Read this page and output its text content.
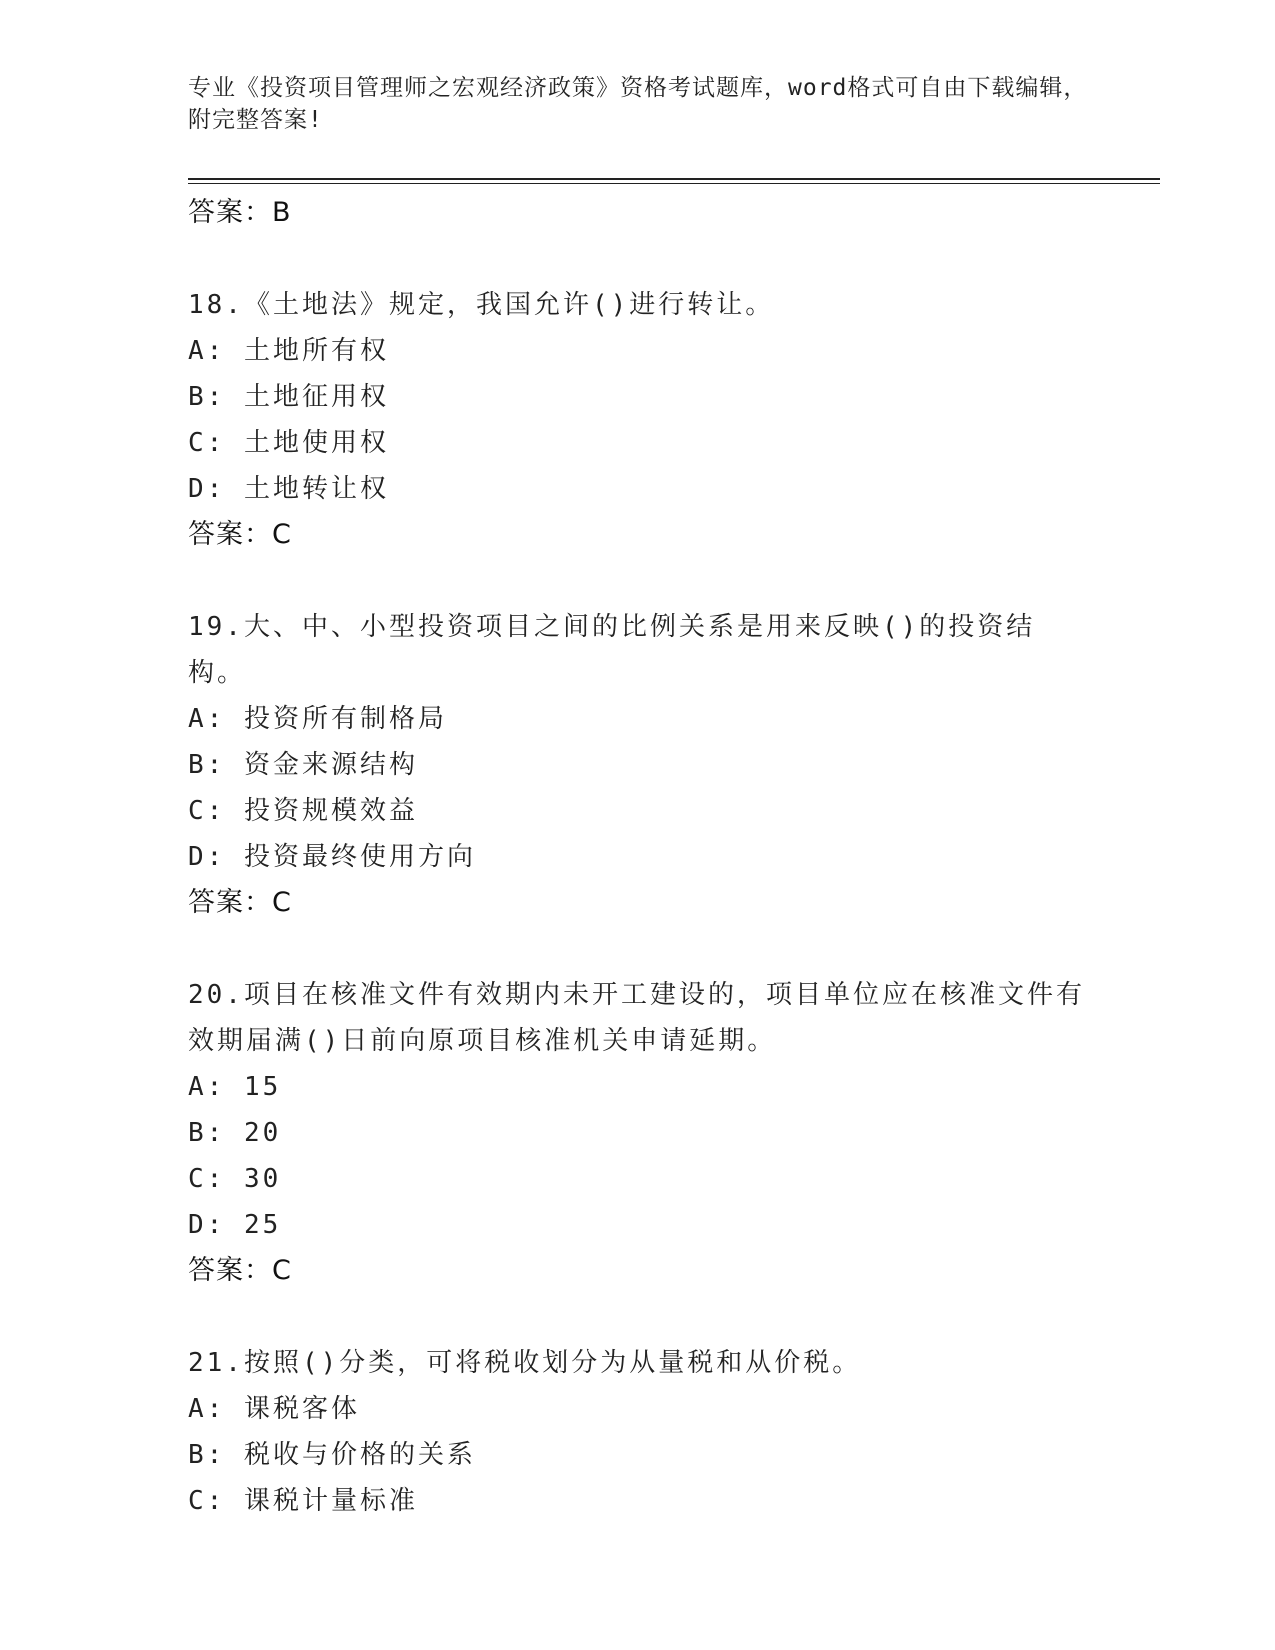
专业《投资项目管理师之宏观经济政策》资格考试题库，word格式可自由下载编辑，附完整答案!
答案：B
18.《土地法》规定，我国允许()进行转让。
A: 土地所有权
B: 土地征用权
C: 土地使用权
D: 土地转让权
答案：C
19.大、中、小型投资项目之间的比例关系是用来反映()的投资结构。
A: 投资所有制格局
B: 资金来源结构
C: 投资规模效益
D: 投资最终使用方向
答案：C
20.项目在核准文件有效期内未开工建设的，项目单位应在核准文件有效期届满()日前向原项目核准机关申请延期。
A: 15
B: 20
C: 30
D: 25
答案：C
21.按照()分类，可将税收划分为从量税和从价税。
A: 课税客体
B: 税收与价格的关系
C: 课税计量标准
